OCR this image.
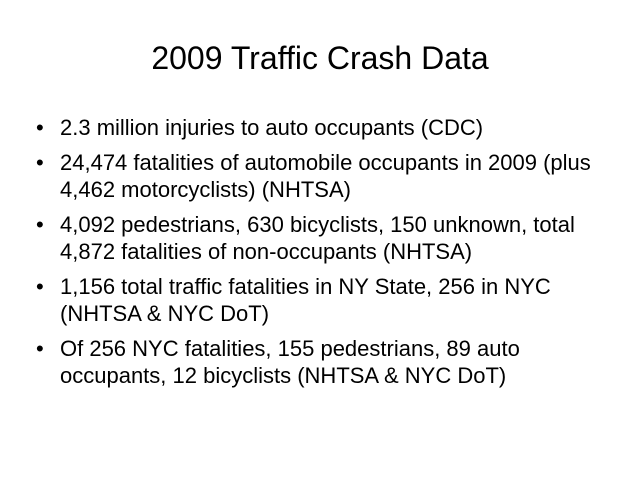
2009 Traffic Crash Data
• 2.3 million injuries to auto occupants (CDC)
• 24,474 fatalities of automobile occupants in 2009 (plus 4,462 motorcyclists) (NHTSA)
• 4,092 pedestrians, 630 bicyclists, 150 unknown, total 4,872 fatalities of non-occupants (NHTSA)
• 1,156 total traffic fatalities in NY State, 256 in NYC (NHTSA & NYC DoT)
• Of 256 NYC fatalities, 155 pedestrians, 89 auto occupants, 12 bicyclists (NHTSA & NYC DoT)
